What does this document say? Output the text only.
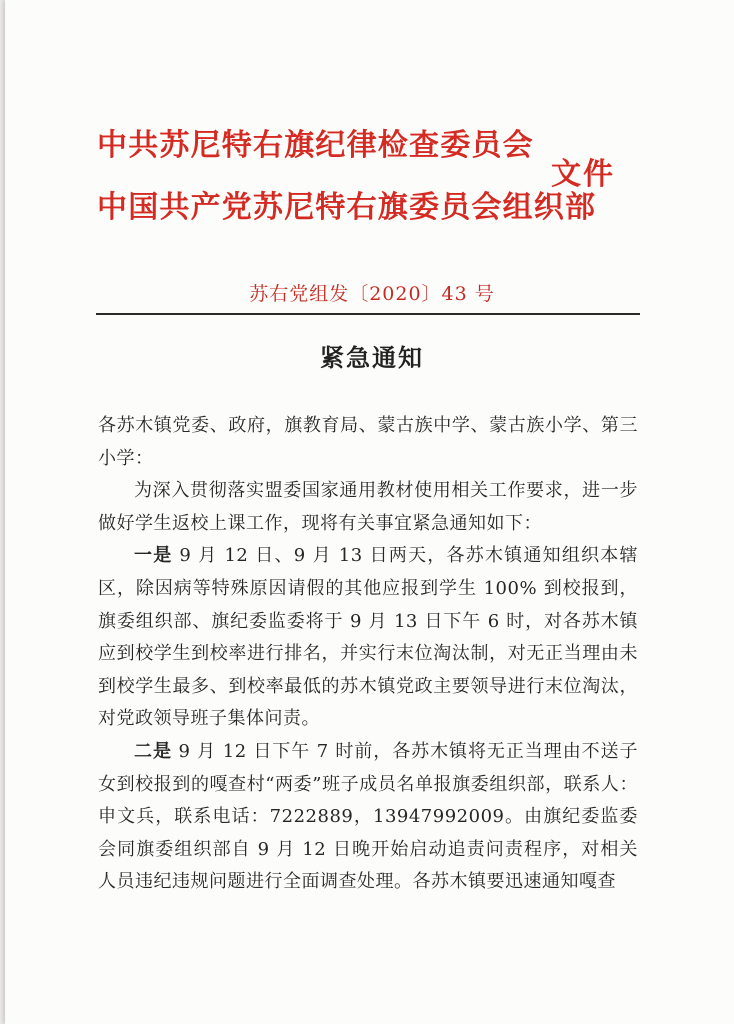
中共苏尼特右旗纪律检查委员会
中国共产党苏尼特右旗委员会组织部
文件
苏右党组发〔2020〕43 号
紧急通知

各苏木镇党委、政府，旗教育局、蒙古族中学、蒙古族小学、第三小学：

为深入贯彻落实盟委国家通用教材使用相关工作要求，进一步做好学生返校上课工作，现将有关事宜紧急通知如下：

一是 9 月 12 日、9 月 13 日两天，各苏木镇通知组织本辖区，除因病等特殊原因请假的其他应报到学生 100% 到校报到，旗委组织部、旗纪委监委将于 9 月 13 日下午 6 时，对各苏木镇应到校学生到校率进行排名，并实行末位淘汰制，对无正当理由未到校学生最多、到校率最低的苏木镇党政主要领导进行末位淘汰，对党政领导班子集体问责。

二是 9 月 12 日下午 7 时前，各苏木镇将无正当理由不送子女到校报到的嘎查村“两委”班子成员名单报旗委组织部，联系人：申文兵，联系电话：7222889，13947992009。由旗纪委监委会同旗委组织部自 9 月 12 日晚开始启动追责问责程序，对相关人员违纪违规问题进行全面调查处理。各苏木镇要迅速通知嘎查
